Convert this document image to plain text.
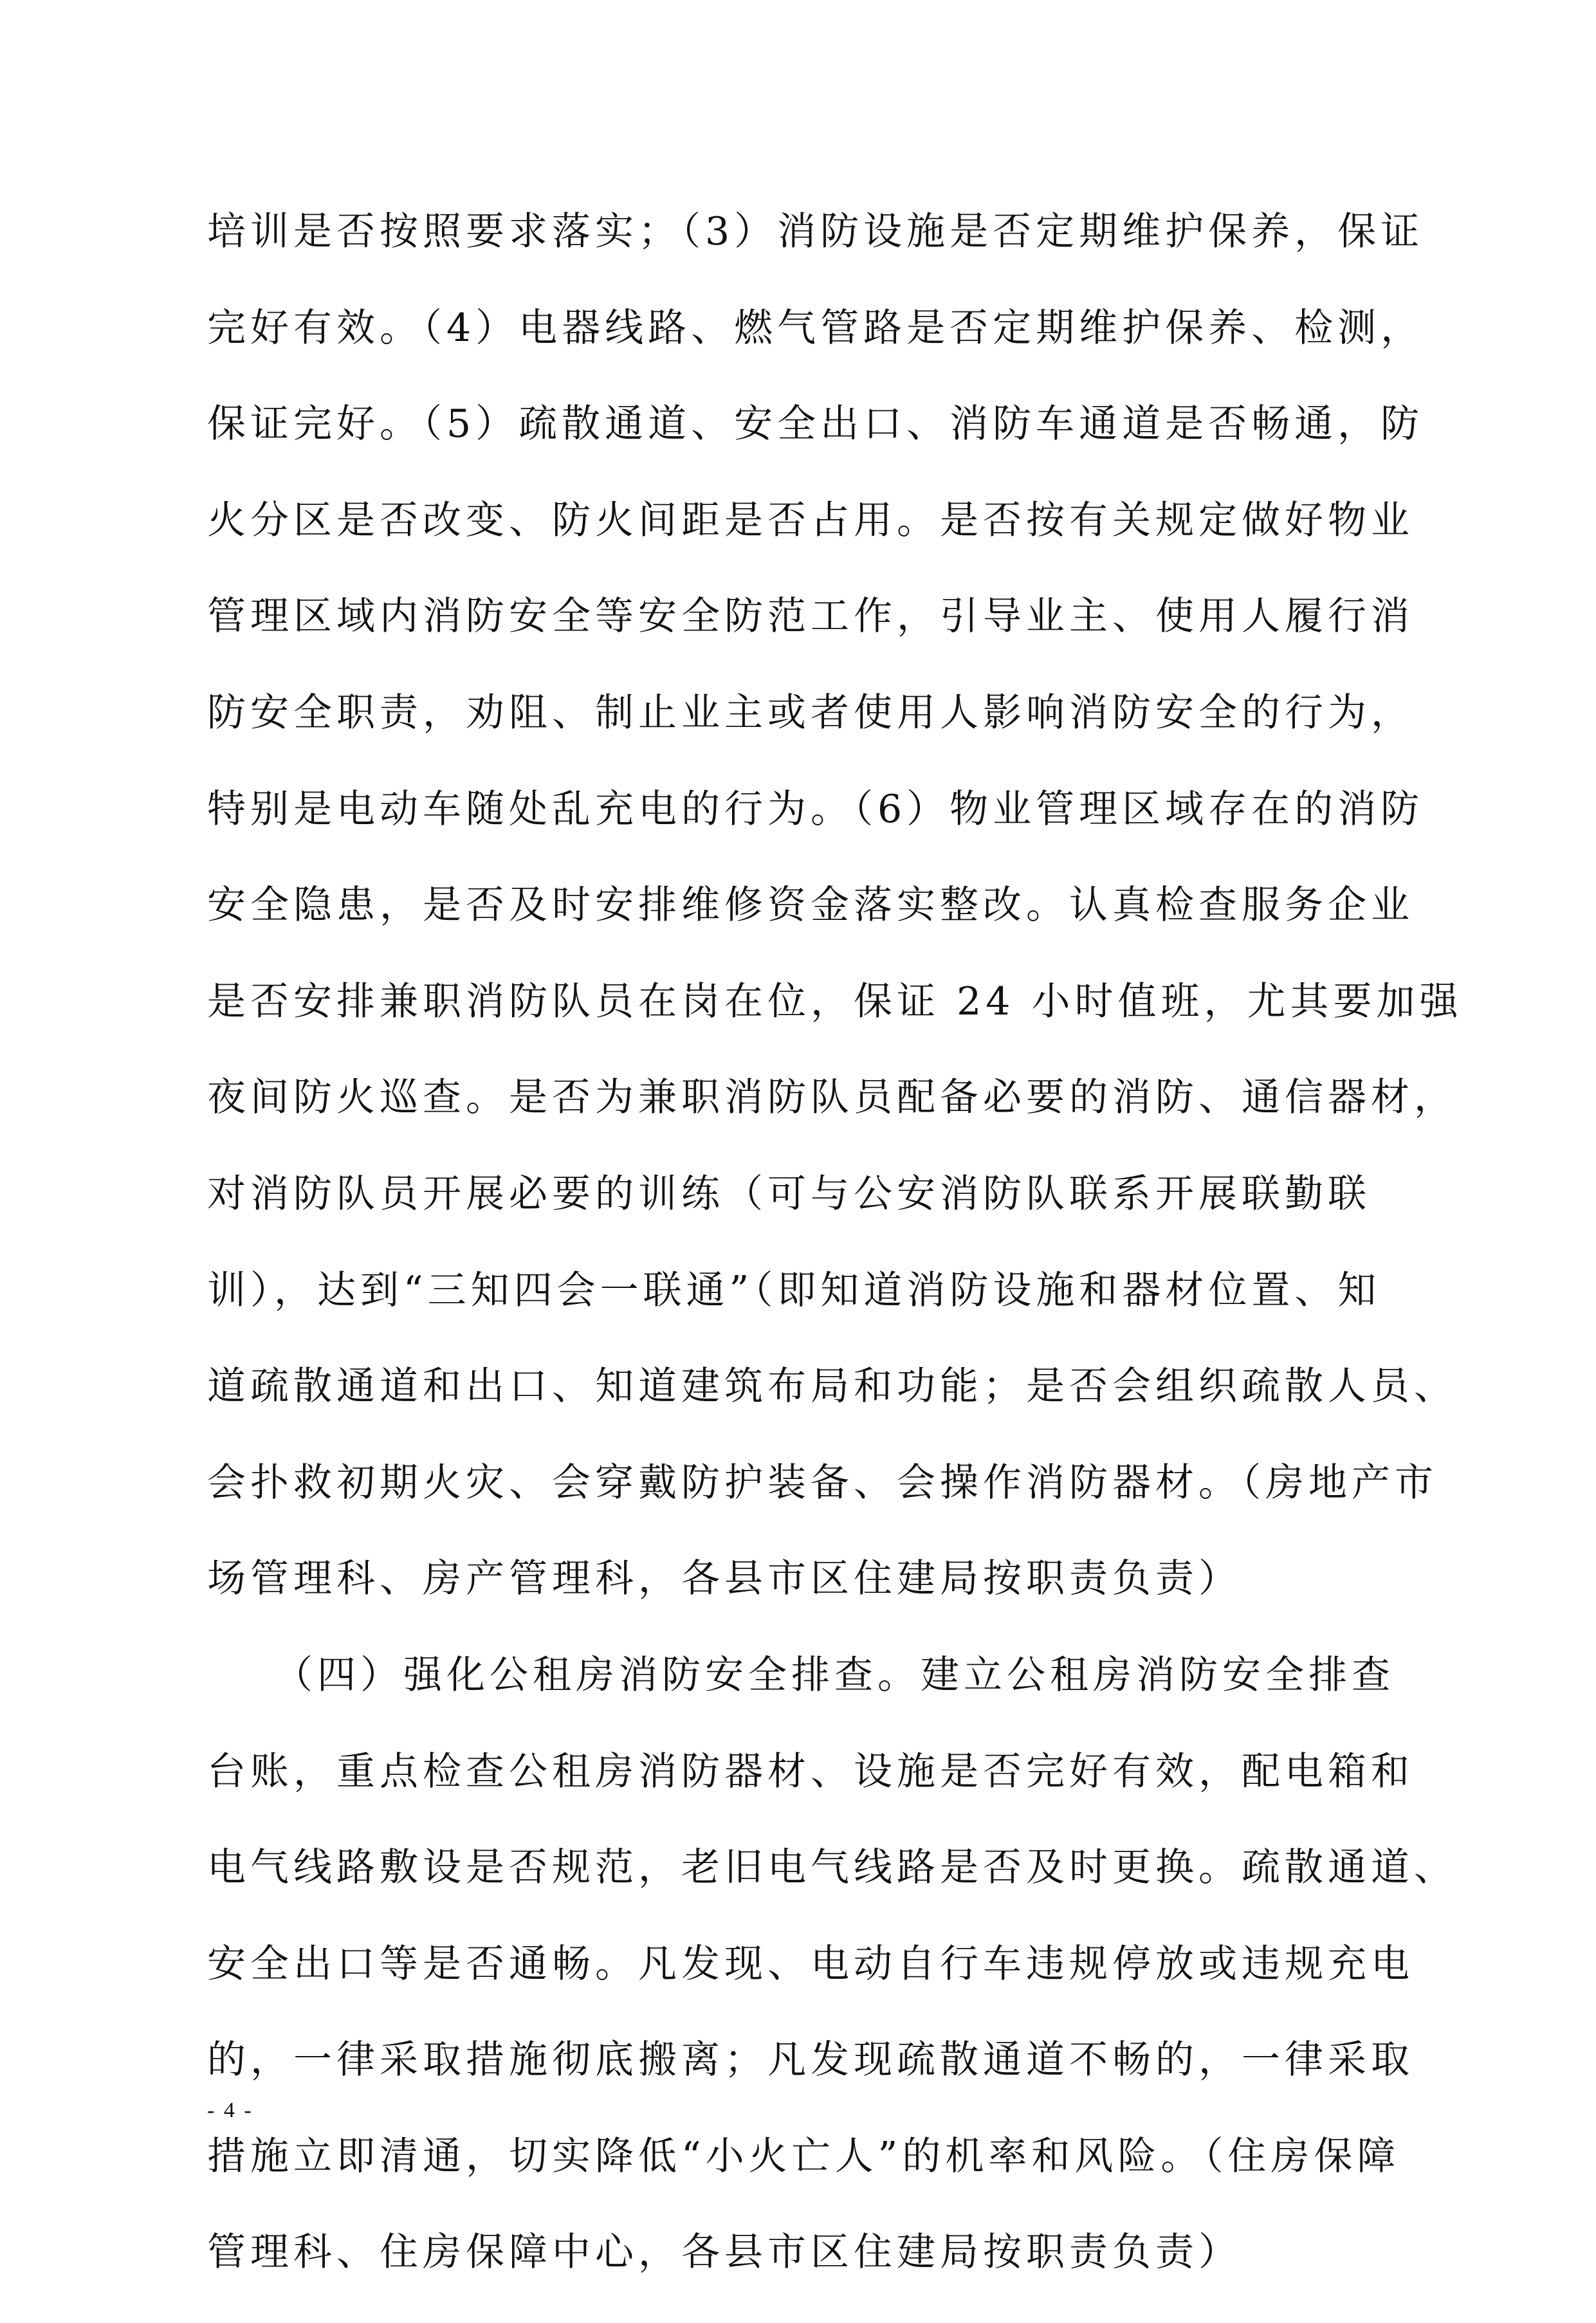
培训是否按照要求落实；（3）消防设施是否定期维护保养，保证
完好有效。（4）电器线路、燃气管路是否定期维护保养、检测，
保证完好。（5）疏散通道、安全出口、消防车通道是否畅通，防
火分区是否改变、防火间距是否占用。是否按有关规定做好物业
管理区域内消防安全等安全防范工作，引导业主、使用人履行消
防安全职责，劝阻、制止业主或者使用人影响消防安全的行为，
特别是电动车随处乱充电的行为。（6）物业管理区域存在的消防
安全隐患，是否及时安排维修资金落实整改。认真检查服务企业
是否安排兼职消防队员在岗在位，保证 24 小时值班，尤其要加强
夜间防火巡查。是否为兼职消防队员配备必要的消防、通信器材，
对消防队员开展必要的训练（可与公安消防队联系开展联勤联
训），达到“三知四会一联通”（即知道消防设施和器材位置、知
道疏散通道和出口、知道建筑布局和功能；是否会组织疏散人员、
会扑救初期火灾、会穿戴防护装备、会操作消防器材。（房地产市
场管理科、房产管理科，各县市区住建局按职责负责）
　　（四）强化公租房消防安全排查。建立公租房消防安全排查
台账，重点检查公租房消防器材、设施是否完好有效，配电箱和
电气线路敷设是否规范，老旧电气线路是否及时更换。疏散通道、
安全出口等是否通畅。凡发现、电动自行车违规停放或违规充电
的，一律采取措施彻底搬离；凡发现疏散通道不畅的，一律采取
措施立即清通，切实降低“小火亡人”的机率和风险。（住房保障
管理科、住房保障中心，各县市区住建局按职责负责）
- 4 -
